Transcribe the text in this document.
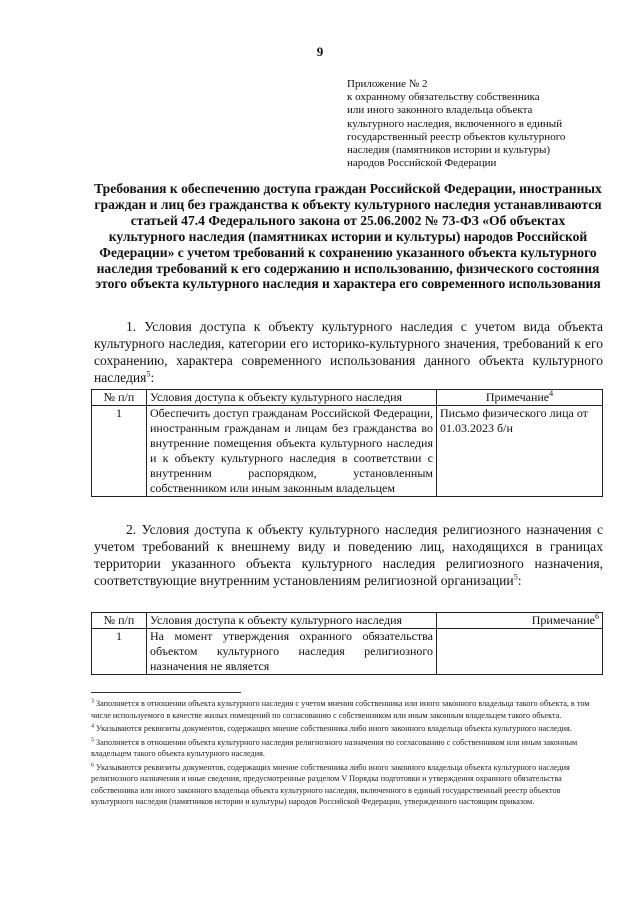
9
Приложение № 2
к охранному обязательству собственника
или иного законного владельца объекта
культурного наследия, включенного в единый
государственный реестр объектов культурного
наследия (памятников истории и культуры)
народов Российской Федерации
Требования к обеспечению доступа граждан Российской Федерации, иностранных граждан и лиц без гражданства к объекту культурного наследия устанавливаются статьей 47.4 Федерального закона от 25.06.2002 № 73-ФЗ «Об объектах культурного наследия (памятниках истории и культуры) народов Российской Федерации» с учетом требований к сохранению указанного объекта культурного наследия требований к его содержанию и использованию, физического состояния этого объекта культурного наследия и характера его современного использования
1. Условия доступа к объекту культурного наследия с учетом вида объекта культурного наследия, категории его историко-культурного значения, требований к его сохранению, характера современного использования данного объекта культурного наследия$^5$:
№ п/п	Условия доступа к объекту культурного наследия	Примечание$^4$
1	Обеспечить доступ гражданам Российской Федерации, иностранным гражданам и лицам без гражданства во внутренние помещения объекта культурного наследия и к объекту культурного наследия в соответствии с внутренним распорядком, установленным собственником или иным законным владельцем	Письмо физического лица от 01.03.2023 б/н
2. Условия доступа к объекту культурного наследия религиозного назначения с учетом требований к внешнему виду и поведению лиц, находящихся в границах территории указанного объекта культурного наследия религиозного назначения, соответствующие внутренним установлениям религиозной организации$^5$:
№ п/п	Условия доступа к объекту культурного наследия	Примечание$^6$
1	На момент утверждения охранного обязательства объектом культурного наследия религиозного назначения не является	
$^3$ Заполняется в отношении объекта культурного наследия с учетом мнения собственника или иного законного владельца такого объекта, в том числе используемого в качестве жилых помещений по согласованию с собственником или иным законным владельцем такого объекта.
$^4$ Указываются реквизиты документов, содержащих мнение собственника либо иного законного владельца объекта культурного наследия.
$^5$ Заполняется в отношении объекта культурного наследия религиозного назначения по согласованию с собственником или иным законным владельцем такого объекта культурного наследия.
$^6$ Указываются реквизиты документов, содержащих мнение собственника либо иного законного владельца объекта культурного наследия религиозного назначения и иные сведения, предусмотренные разделом V Порядка подготовки и утверждения охранного обязательства собственника или иного законного владельца объекта культурного наследия, включенного в единый государственный реестр объектов культурного наследия (памятников истории и культуры) народов Российской Федерации, утвержденного настоящим приказом.
